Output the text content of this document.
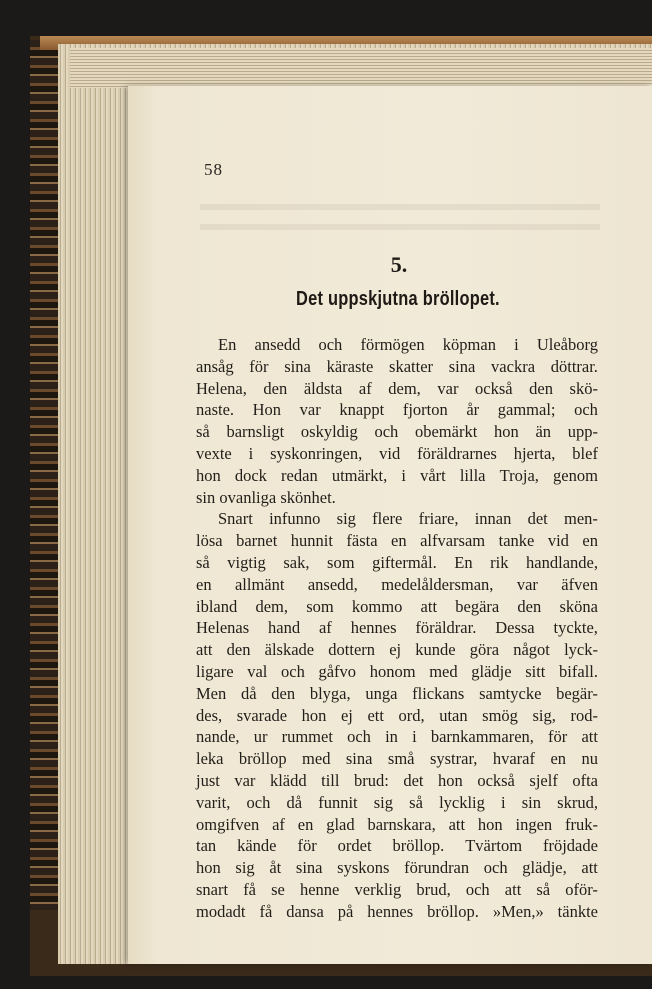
58
5.
Det uppskjutna bröllopet.
En ansedd och förmögen köpman i Uleåborg
ansåg för sina käraste skatter sina vackra döttrar.
Helena, den äldsta af dem, var också den skö-
naste. Hon var knappt fjorton år gammal; och
så barnsligt oskyldig och obemärkt hon än upp-
vexte i syskonringen, vid föräldrarnes hjerta, blef
hon dock redan utmärkt, i vårt lilla Troja, genom
sin ovanliga skönhet.
Snart infunno sig flere friare, innan det men-
lösa barnet hunnit fästa en alfvarsam tanke vid en
så vigtig sak, som giftermål. En rik handlande,
en allmänt ansedd, medelåldersman, var äfven
ibland dem, som kommo att begära den sköna
Helenas hand af hennes föräldrar. Dessa tyckte,
att den älskade dottern ej kunde göra något lyck-
ligare val och gåfvo honom med glädje sitt bifall.
Men då den blyga, unga flickans samtycke begär-
des, svarade hon ej ett ord, utan smög sig, rod-
nande, ur rummet och in i barnkammaren, för att
leka bröllop med sina små systrar, hvaraf en nu
just var klädd till brud: det hon också sjelf ofta
varit, och då funnit sig så lycklig i sin skrud,
omgifven af en glad barnskara, att hon ingen fruk-
tan kände för ordet bröllop. Tvärtom fröjdade
hon sig åt sina syskons förundran och glädje, att
snart få se henne verklig brud, och att så oför-
modadt få dansa på hennes bröllop. »Men,» tänkte
